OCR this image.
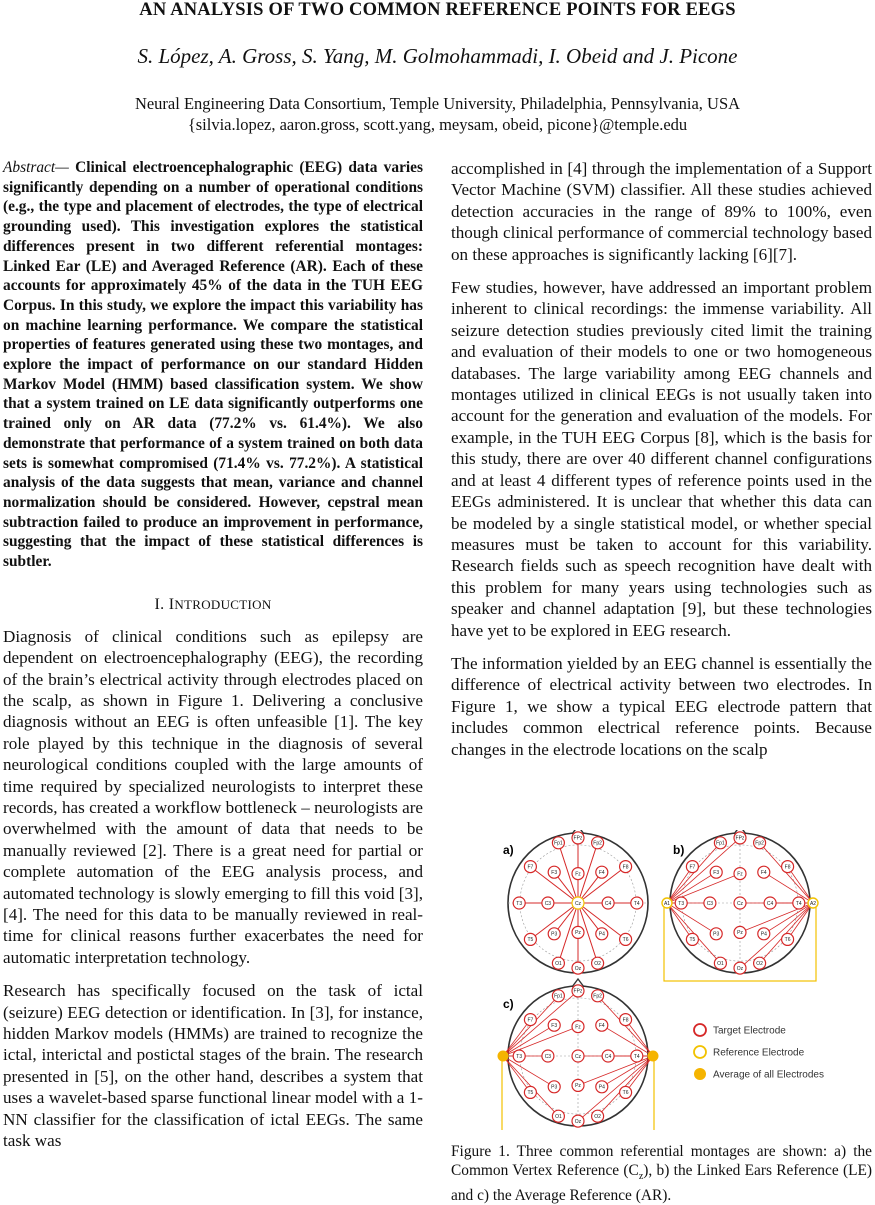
AN ANALYSIS OF TWO COMMON REFERENCE POINTS FOR EEGS
S. López, A. Gross, S. Yang, M. Golmohammadi, I. Obeid and J. Picone
Neural Engineering Data Consortium, Temple University, Philadelphia, Pennsylvania, USA
{silvia.lopez, aaron.gross, scott.yang, meysam, obeid, picone}@temple.edu

Abstract— Clinical electroencephalographic (EEG) data varies significantly depending on a number of operational conditions (e.g., the type and placement of electrodes, the type of electrical grounding used). This investigation explores the statistical differences present in two different referential montages: Linked Ear (LE) and Averaged Reference (AR). Each of these accounts for approximately 45% of the data in the TUH EEG Corpus. In this study, we explore the impact this variability has on machine learning performance. We compare the statistical properties of features generated using these two montages, and explore the impact of performance on our standard Hidden Markov Model (HMM) based classification system. We show that a system trained on LE data significantly outperforms one trained only on AR data (77.2% vs. 61.4%). We also demonstrate that performance of a system trained on both data sets is somewhat compromised (71.4% vs. 77.2%). A statistical analysis of the data suggests that mean, variance and channel normalization should be considered. However, cepstral mean subtraction failed to produce an improvement in performance, suggesting that the impact of these statistical differences is subtler.

I. INTRODUCTION

Diagnosis of clinical conditions such as epilepsy are dependent on electroencephalography (EEG), the recording of the brain’s electrical activity through electrodes placed on the scalp, as shown in Figure 1. Delivering a conclusive diagnosis without an EEG is often unfeasible [1]. The key role played by this technique in the diagnosis of several neurological conditions coupled with the large amounts of time required by specialized neurologists to interpret these records, has created a workflow bottleneck – neurologists are overwhelmed with the amount of data that needs to be manually reviewed [2]. There is a great need for partial or complete automation of the EEG analysis process, and automated technology is slowly emerging to fill this void [3],[4]. The need for this data to be manually reviewed in real-time for clinical reasons further exacerbates the need for automatic interpretation technology.

Research has specifically focused on the task of ictal (seizure) EEG detection or identification. In [3], for instance, hidden Markov models (HMMs) are trained to recognize the ictal, interictal and postictal stages of the brain. The research presented in [5], on the other hand, describes a system that uses a wavelet-based sparse functional linear model with a 1-NN classifier for the classification of ictal EEGs. The same task was

accomplished in [4] through the implementation of a Support Vector Machine (SVM) classifier. All these studies achieved detection accuracies in the range of 89% to 100%, even though clinical performance of commercial technology based on these approaches is significantly lacking [6][7].

Few studies, however, have addressed an important problem inherent to clinical recordings: the immense variability. All seizure detection studies previously cited limit the training and evaluation of their models to one or two homogeneous databases. The large variability among EEG channels and montages utilized in clinical EEGs is not usually taken into account for the generation and evaluation of the models. For example, in the TUH EEG Corpus [8], which is the basis for this study, there are over 40 different channel configurations and at least 4 different types of reference points used in the EEGs administered. It is unclear that whether this data can be modeled by a single statistical model, or whether special measures must be taken to account for this variability. Research fields such as speech recognition have dealt with this problem for many years using technologies such as speaker and channel adaptation [9], but these technologies have yet to be explored in EEG research.

The information yielded by an EEG channel is essentially the difference of electrical activity between two electrodes. In Figure 1, we show a typical EEG electrode pattern that includes common electrical reference points. Because changes in the electrode locations on the scalp

Fp1	Fp2
FPz
F7
F3	Fz	F4
F8
T3	C3	Cz	C4	T4
T5
P3	Pz	P4
T6
O1
Oz
O2
a)	Fp1	Fp2
FPz
F7
F3	Fz	F4
F8
T3	C3	Cz	C4	T4
T5
P3	Pz	P4
T6
O1
Oz
O2
A1	A2
b)
Fp1	Fp2
FPz
F7
F3	Fz	F4
F8
T3	C3	Cz	C4	T4
T5
P3	Pz	P4
T6
O1
Oz
O2
c)
Target Electrode
Reference Electrode
Average of all Electrodes
Figure 1. Three common referential montages are shown: a) the Common Vertex Reference $(C_z)$, b) the Linked Ears Reference (LE) and c) the Average Reference (AR).
